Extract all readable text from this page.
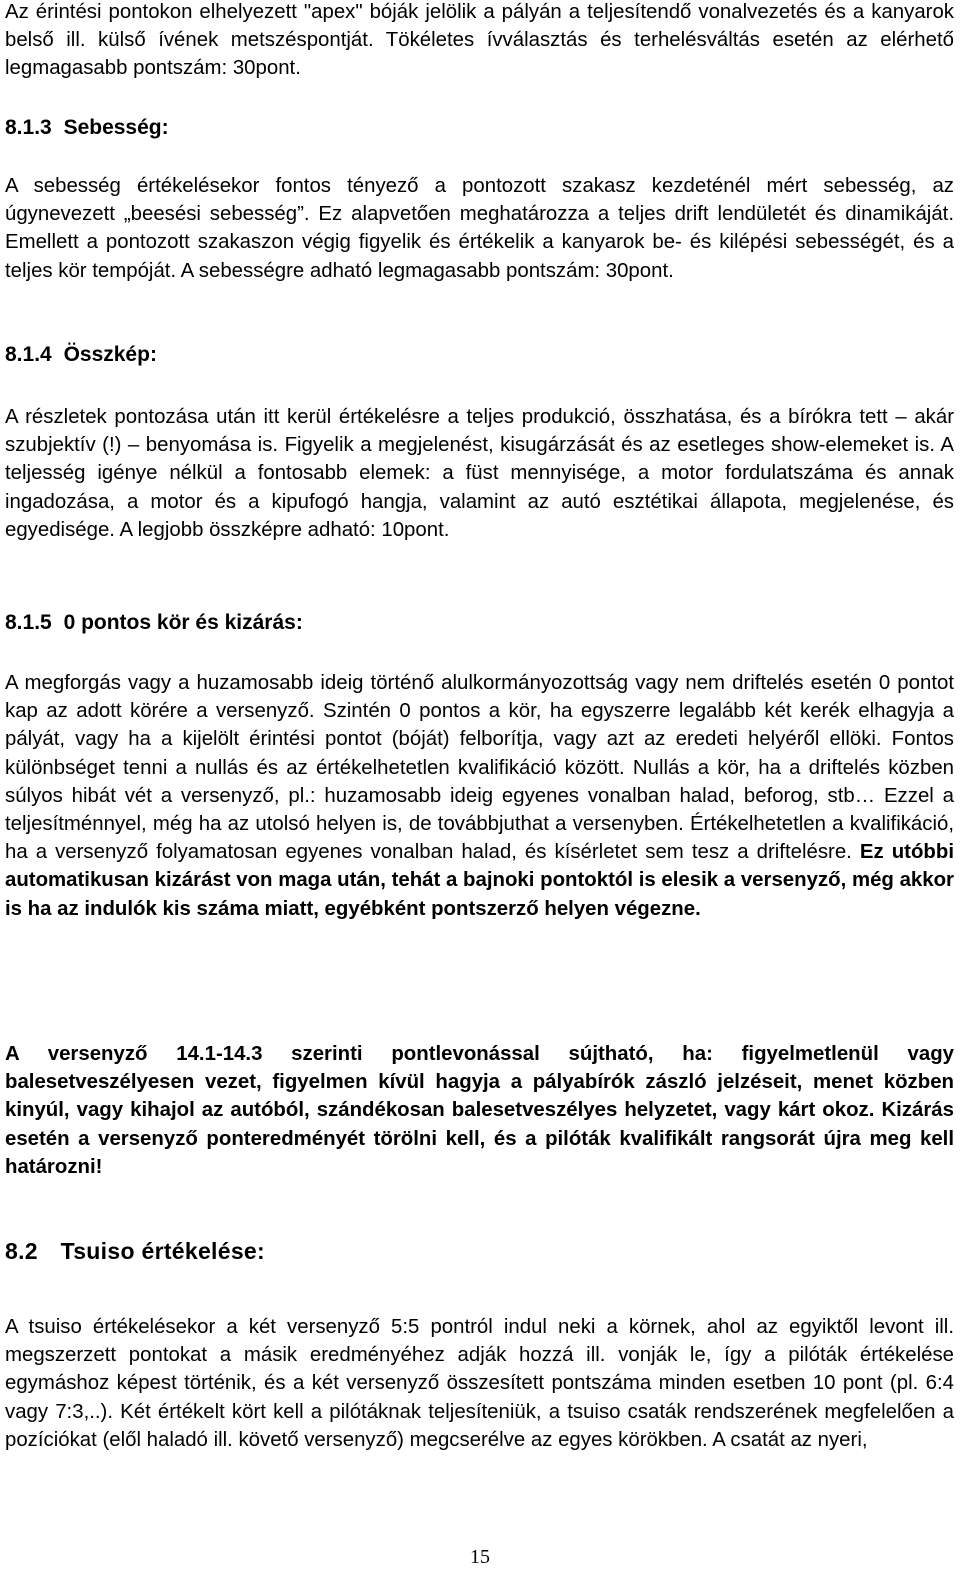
Az érintési pontokon elhelyezett "apex" bóják jelölik a pályán a teljesítendő vonalvezetés és a kanyarok belső ill. külső ívének metszéspontját. Tökéletes ívválasztás és terhelésváltás esetén az elérhető legmagasabb pontszám: 30pont.

8.1.3 Sebesség:

A sebesség értékelésekor fontos tényező a pontozott szakasz kezdeténél mért sebesség, az úgynevezett „beesési sebesség”. Ez alapvetően meghatározza a teljes drift lendületét és dinamikáját. Emellett a pontozott szakaszon végig figyelik és értékelik a kanyarok be- és kilépési sebességét, és a teljes kör tempóját. A sebességre adható legmagasabb pontszám: 30pont.

8.1.4 Összkép:

A részletek pontozása után itt kerül értékelésre a teljes produkció, összhatása, és a bírókra tett – akár szubjektív (!) – benyomása is. Figyelik a megjelenést, kisugárzását és az esetleges show-elemeket is. A teljesség igénye nélkül a fontosabb elemek: a füst mennyisége, a motor fordulatszáma és annak ingadozása, a motor és a kipufogó hangja, valamint az autó esztétikai állapota, megjelenése, és egyedisége. A legjobb összképre adható: 10pont.

8.1.5 0 pontos kör és kizárás:

A megforgás vagy a huzamosabb ideig történő alulkormányozottság vagy nem driftelés esetén 0 pontot kap az adott körére a versenyző. Szintén 0 pontos a kör, ha egyszerre legalább két kerék elhagyja a pályát, vagy ha a kijelölt érintési pontot (bóját) felborítja, vagy azt az eredeti helyéről ellöki. Fontos különbséget tenni a nullás és az értékelhetetlen kvalifikáció között. Nullás a kör, ha a driftelés közben súlyos hibát vét a versenyző, pl.: huzamosabb ideig egyenes vonalban halad, beforog, stb… Ezzel a teljesítménnyel, még ha az utolsó helyen is, de továbbjuthat a versenyben. Értékelhetetlen a kvalifikáció, ha a versenyző folyamatosan egyenes vonalban halad, és kísérletet sem tesz a driftelésre. Ez utóbbi automatikusan kizárást von maga után, tehát a bajnoki pontoktól is elesik a versenyző, még akkor is ha az indulók kis száma miatt, egyébként pontszerző helyen végezne.

A versenyző 14.1-14.3 szerinti pontlevonással sújtható, ha: figyelmetlenül vagy balesetveszélyesen vezet, figyelmen kívül hagyja a pályabírók zászló jelzéseit, menet közben kinyúl, vagy kihajol az autóból, szándékosan balesetveszélyes helyzetet, vagy kárt okoz. Kizárás esetén a versenyző ponteredményét törölni kell, és a pilóták kvalifikált rangsorát újra meg kell határozni!

8.2 Tsuiso értékelése:

A tsuiso értékelésekor a két versenyző 5:5 pontról indul neki a körnek, ahol az egyiktől levont ill. megszerzett pontokat a másik eredményéhez adják hozzá ill. vonják le, így a pilóták értékelése egymáshoz képest történik, és a két versenyző összesített pontszáma minden esetben 10 pont (pl. 6:4 vagy 7:3,..). Két értékelt kört kell a pilótáknak teljesíteniük, a tsuiso csaták rendszerének megfelelően a pozíciókat (elől haladó ill. követő versenyző) megcserélve az egyes körökben. A csatát az nyeri,

15
